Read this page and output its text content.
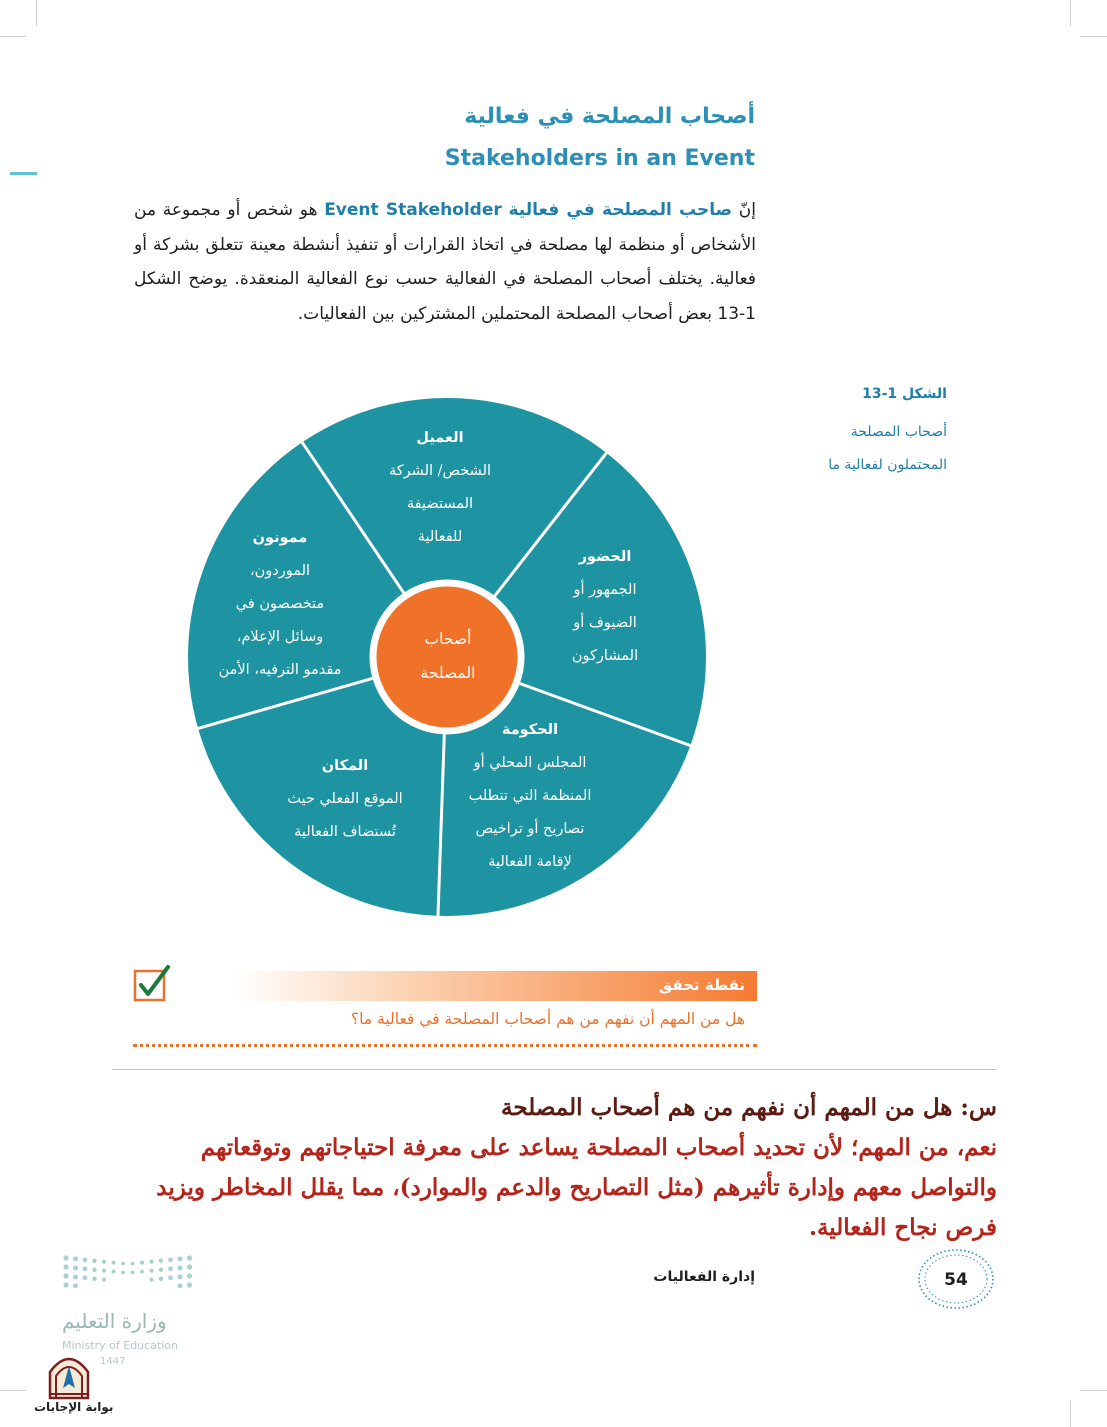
أصحاب المصلحة في فعالية
Stakeholders in an Event
إنّ صاحب المصلحة في فعالية Event Stakeholder هو شخص أو مجموعة من الأشخاص أو منظمة لها مصلحة في اتخاذ القرارات أو تنفيذ أنشطة معينة تتعلق بشركة أو فعالية. يختلف أصحاب المصلحة في الفعالية حسب نوع الفعالية المنعقدة. يوضح الشكل 1-13 بعض أصحاب المصلحة المحتملين المشتركين بين الفعاليات.
الشكل 1-13
أصحاب المصلحة
المحتملون لفعالية ما
أصحاب
المصلحة
العميل
الشخص/ الشركة
المستضيفة
للفعالية
الحضور
الجمهور أو
الضيوف أو
المشاركون
الحكومة
المجلس المحلي أو
المنظمة التي تتطلب
تصاريح أو تراخيص
لإقامة الفعالية
المكان
الموقع الفعلي حيث
تُستضاف الفعالية
ممونون
الموردون،
متخصصون في
وسائل الإعلام،
مقدمو الترفيه، الأمن
نقطة تحقق
هل من المهم أن نفهم من هم أصحاب المصلحة في فعالية ما؟
س: هل من المهم أن نفهم من هم أصحاب المصلحة
نعم، من المهم؛ لأن تحديد أصحاب المصلحة يساعد على معرفة احتياجاتهم وتوقعاتهم والتواصل معهم وإدارة تأثيرهم (مثل التصاريح والدعم والموارد)، مما يقلل المخاطر ويزيد فرص نجاح الفعالية.
إدارة الفعاليات	54
وزارة التعليم
Ministry of Education
1447
بوابة الإجابات
